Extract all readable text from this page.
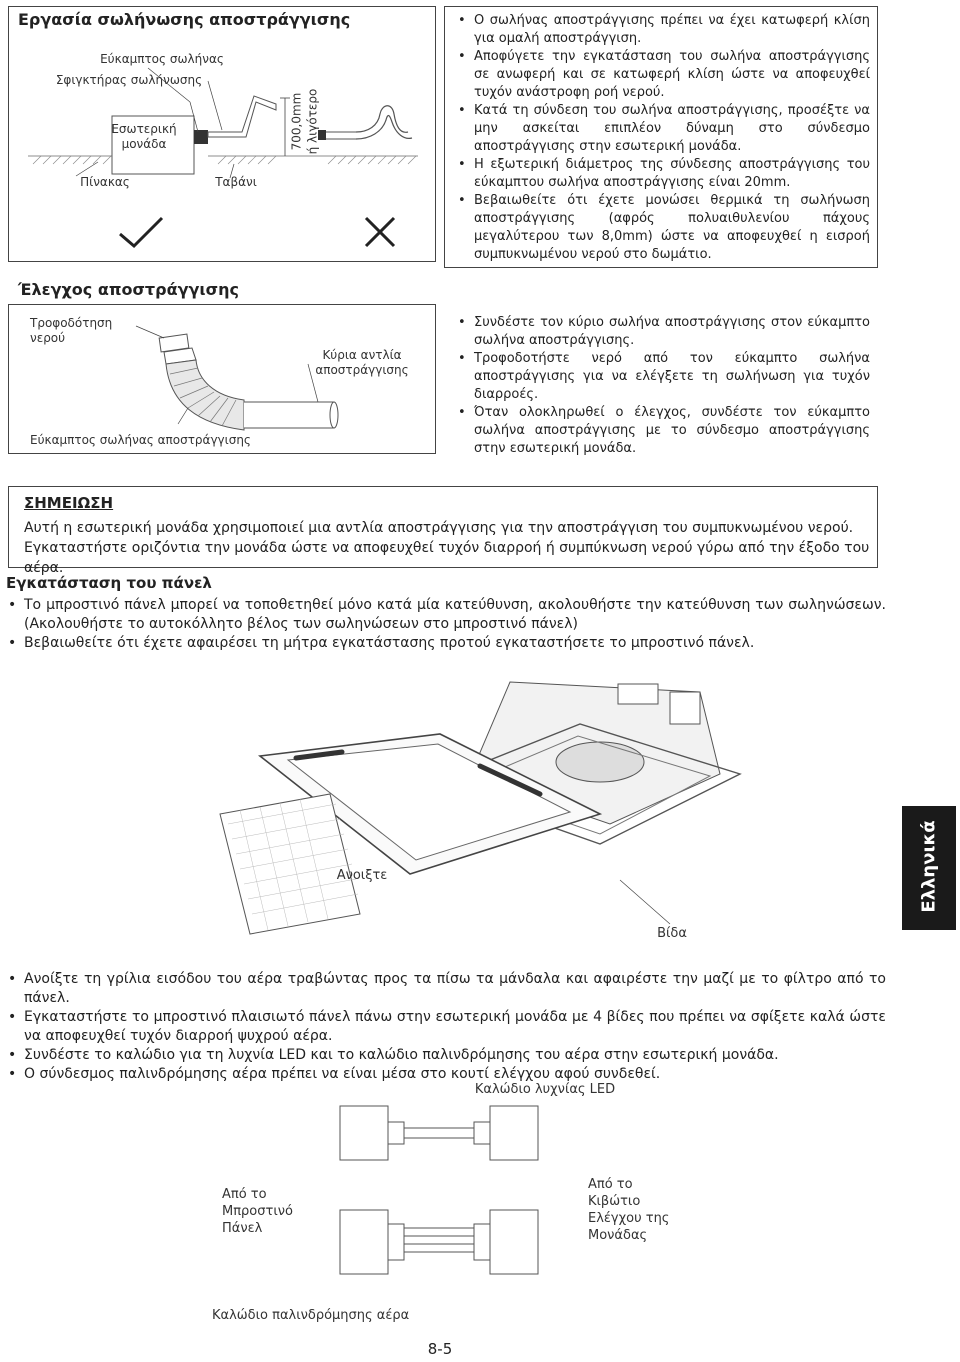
Εργασία σωλήνωσης αποστράγγισης
Εύκαμπτος σωλήνας
Σφιγκτήρας σωλήνωσης
Εσωτερική
μονάδα
Πίνακας	Ταβάνι
700,0mm ή λιγότερο
• Ο σωλήνας αποστράγγισης πρέπει να έχει κατωφερή κλίση για ομαλή αποστράγγιση.
• Αποφύγετε την εγκατάσταση του σωλήνα αποστράγγισης σε ανωφερή και σε κατωφερή κλίση ώστε να αποφευχθεί τυχόν ανάστροφη ροή νερού.
• Κατά τη σύνδεση του σωλήνα αποστράγγισης, προσέξτε να μην ασκείται επιπλέον δύναμη στο σύνδεσμο αποστράγγισης στην εσωτερική μονάδα.
• Η εξωτερική διάμετρος της σύνδεσης αποστράγγισης του εύκαμπτου σωλήνα αποστράγγισης είναι 20mm.
• Βεβαιωθείτε ότι έχετε μονώσει θερμικά τη σωλήνωση αποστράγγισης (αφρός πολυαιθυλενίου πάχους μεγαλύτερου των 8,0mm) ώστε να αποφευχθεί η εισροή συμπυκνωμένου νερού στο δωμάτιο.
Έλεγχος αποστράγγισης
Τροφοδότηση
νερού
Κύρια αντλία
αποστράγγισης
Εύκαμπτος σωλήνας αποστράγγισης
• Συνδέστε τον κύριο σωλήνα αποστράγγισης στον εύκαμπτο σωλήνα αποστράγγισης.
• Τροφοδοτήστε νερό από τον εύκαμπτο σωλήνα αποστράγγισης για να ελέγξετε τη σωλήνωση για τυχόν διαρροές.
• Όταν ολοκληρωθεί ο έλεγχος, συνδέστε τον εύκαμπτο σωλήνα αποστράγγισης με το σύνδεσμο αποστράγγισης στην εσωτερική μονάδα.
ΣΗΜΕΙΩΣΗ
Αυτή η εσωτερική μονάδα χρησιμοποιεί μια αντλία αποστράγγισης για την αποστράγγιση του συμπυκνωμένου νερού. Εγκαταστήστε οριζόντια την μονάδα ώστε να αποφευχθεί τυχόν διαρροή ή συμπύκνωση νερού γύρω από την έξοδο του αέρα.
Εγκατάσταση του πάνελ
• Το μπροστινό πάνελ μπορεί να τοποθετηθεί μόνο κατά μία κατεύθυνση, ακολουθήστε την κατεύθυνση των σωληνώσεων. (Ακολουθήστε το αυτοκόλλητο βέλος των σωληνώσεων στο μπροστινό πάνελ)
• Βεβαιωθείτε ότι έχετε αφαιρέσει τη μήτρα εγκατάστασης προτού εγκαταστήσετε το μπροστινό πάνελ.
Ανοιξτε
Βίδα
• Ανοίξτε τη γρίλια εισόδου του αέρα τραβώντας προς τα πίσω τα μάνδαλα και αφαιρέστε την μαζί με το φίλτρο από το πάνελ.
• Εγκαταστήστε το μπροστινό πλαισιωτό πάνελ πάνω στην εσωτερική μονάδα με 4 βίδες που πρέπει να σφίξετε καλά ώστε να αποφευχθεί τυχόν διαρροή ψυχρού αέρα.
• Συνδέστε το καλώδιο για τη λυχνία LED και το καλώδιο παλινδρόμησης του αέρα στην εσωτερική μονάδα.
• Ο σύνδεσμος παλινδρόμησης αέρα πρέπει να είναι μέσα στο κουτί ελέγχου αφού συνδεθεί.
Καλώδιο λυχνίας LED
Από το
Μπροστινό
Πάνελ
Από το
Κιβώτιο
Ελέγχου της
Μονάδας
Καλώδιο παλινδρόμησης αέρα
Ελληνικά
8-5
